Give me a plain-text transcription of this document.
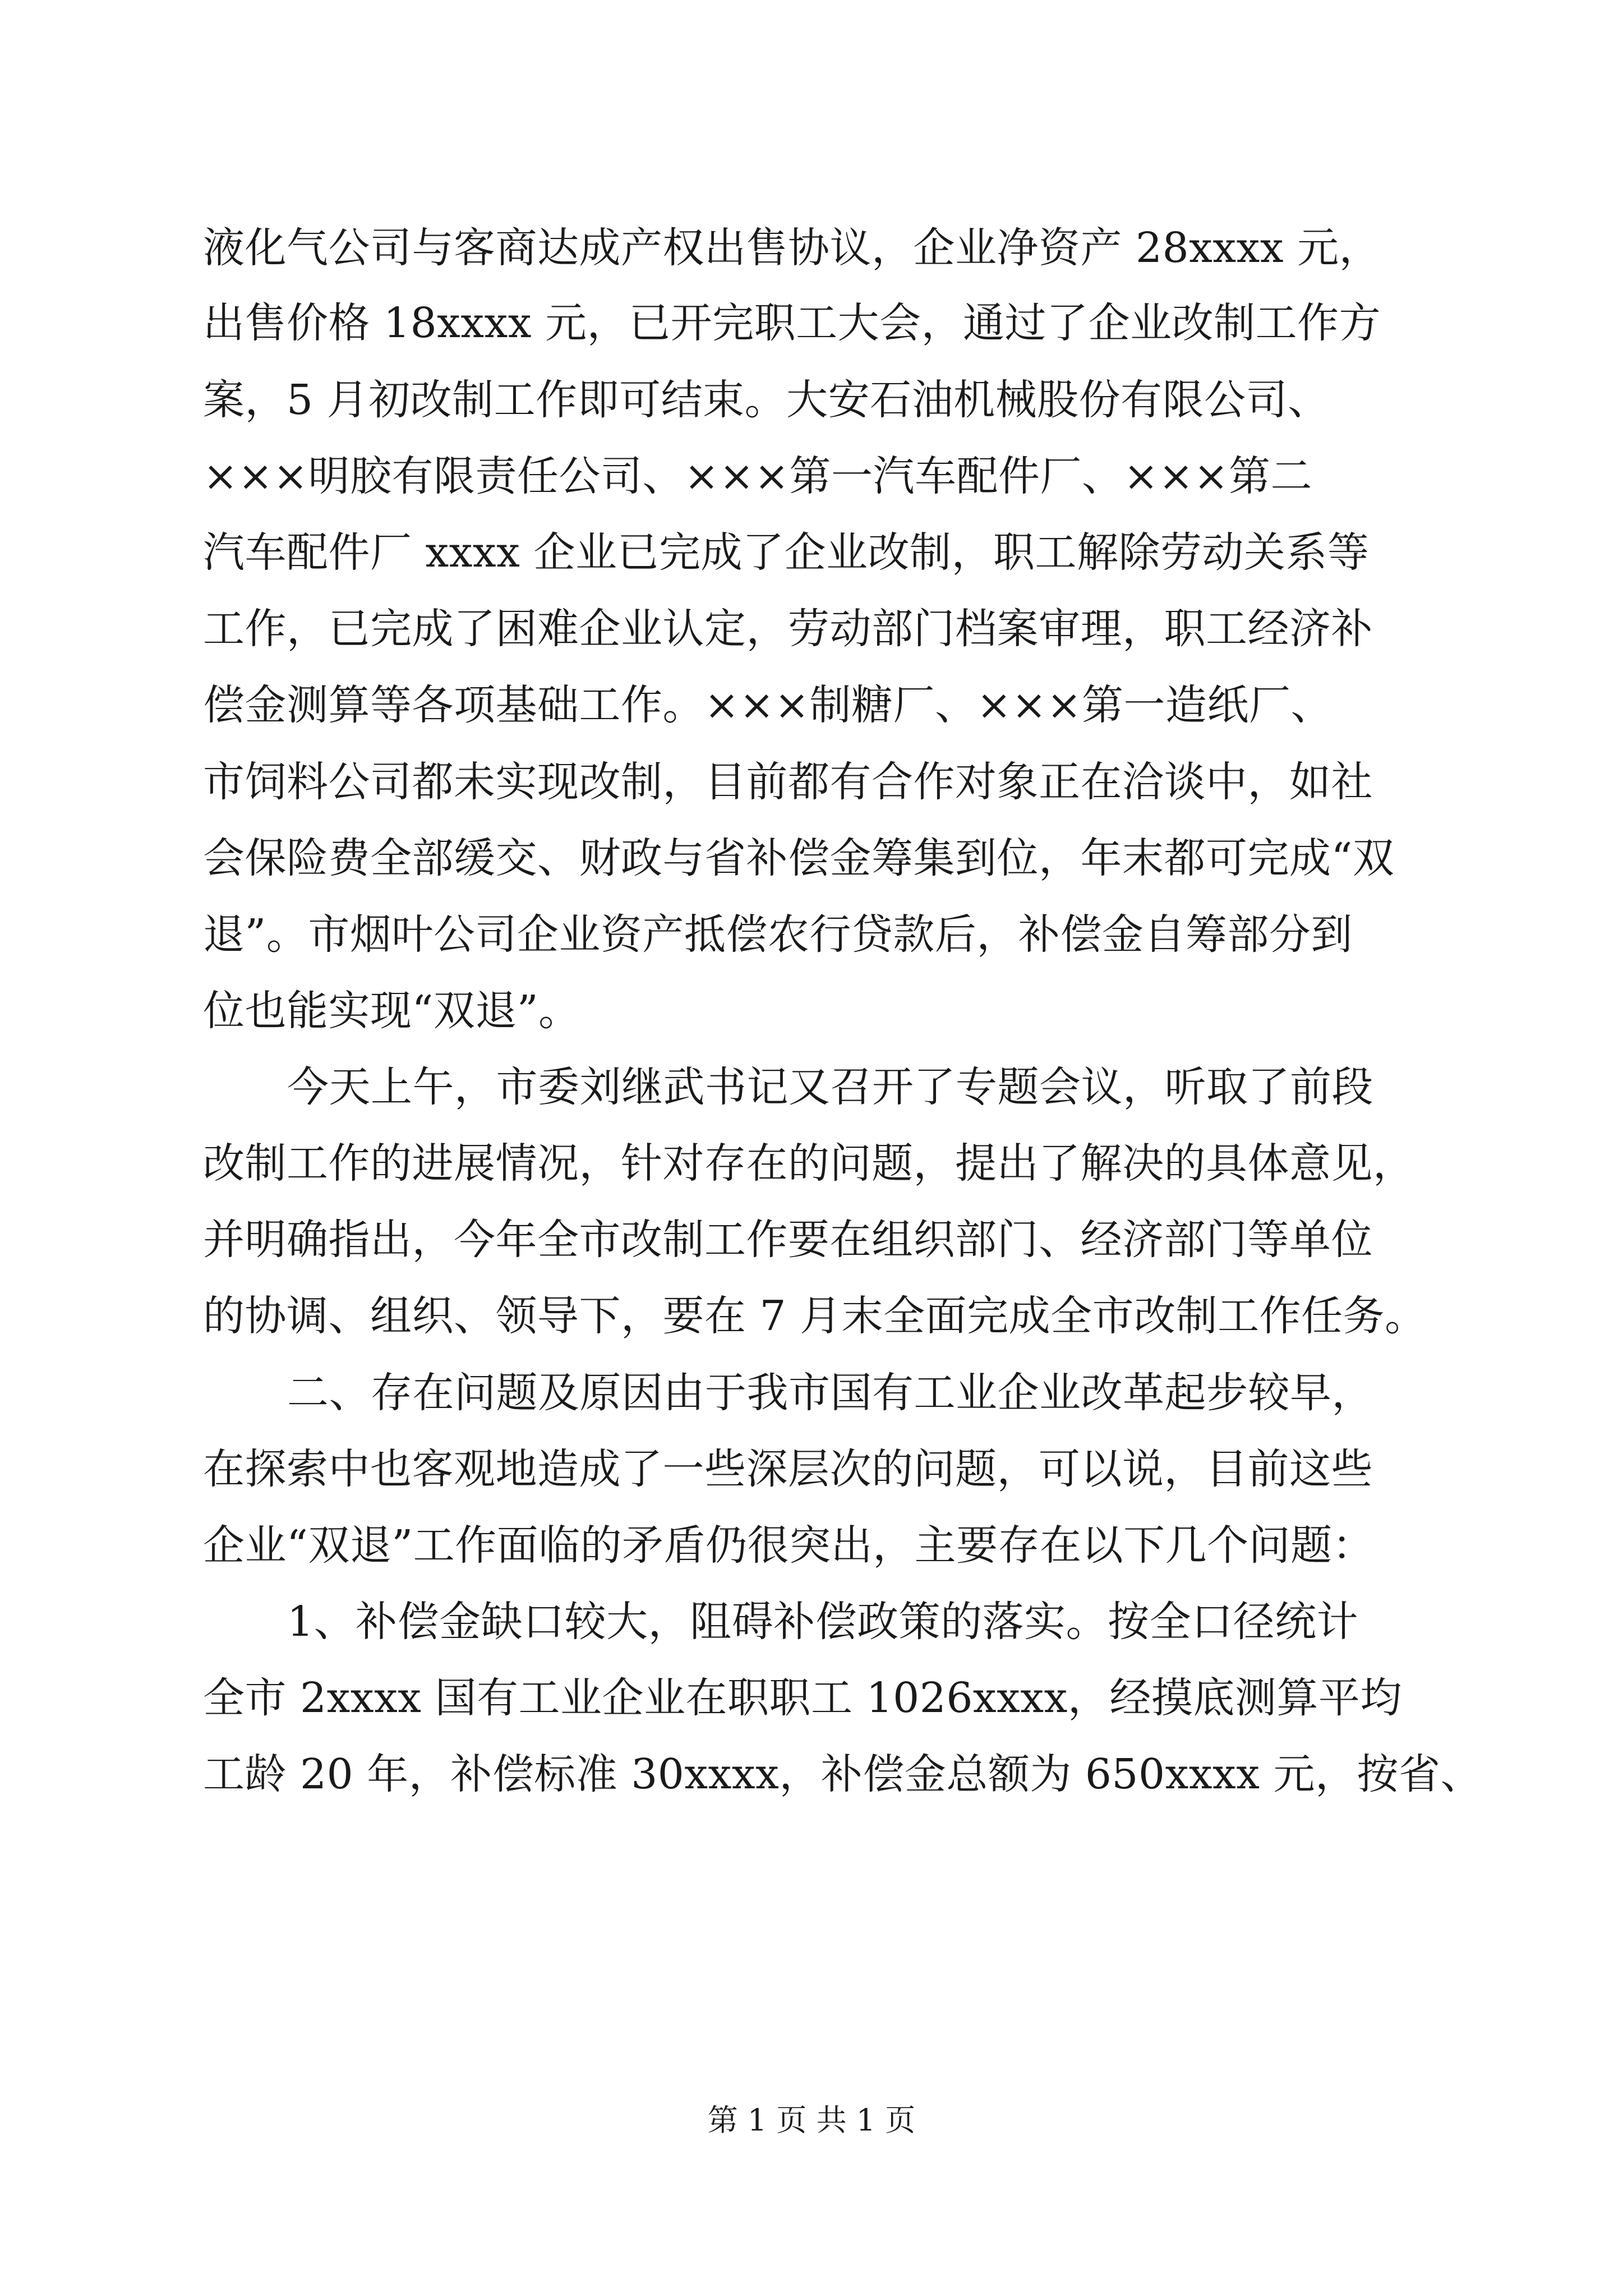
液化气公司与客商达成产权出售协议，企业净资产 28xxxx 元，
出售价格 18xxxx 元，已开完职工大会，通过了企业改制工作方
案，5 月初改制工作即可结束。大安石油机械股份有限公司、
×××明胶有限责任公司、×××第一汽车配件厂、×××第二
汽车配件厂 xxxx 企业已完成了企业改制，职工解除劳动关系等
工作，已完成了困难企业认定，劳动部门档案审理，职工经济补
偿金测算等各项基础工作。×××制糖厂、×××第一造纸厂、
市饲料公司都未实现改制，目前都有合作对象正在洽谈中，如社
会保险费全部缓交、财政与省补偿金筹集到位，年末都可完成“双
退”。市烟叶公司企业资产抵偿农行贷款后，补偿金自筹部分到
位也能实现“双退”。
今天上午，市委刘继武书记又召开了专题会议，听取了前段
改制工作的进展情况，针对存在的问题，提出了解决的具体意见，
并明确指出，今年全市改制工作要在组织部门、经济部门等单位
的协调、组织、领导下，要在 7 月末全面完成全市改制工作任务。
二、存在问题及原因由于我市国有工业企业改革起步较早，
在探索中也客观地造成了一些深层次的问题，可以说，目前这些
企业“双退”工作面临的矛盾仍很突出，主要存在以下几个问题：
1、补偿金缺口较大，阻碍补偿政策的落实。按全口径统计
全市 2xxxx 国有工业企业在职职工 1026xxxx，经摸底测算平均
工龄 20 年，补偿标准 30xxxx，补偿金总额为 650xxxx 元，按省、
第 1 页 共 1 页
